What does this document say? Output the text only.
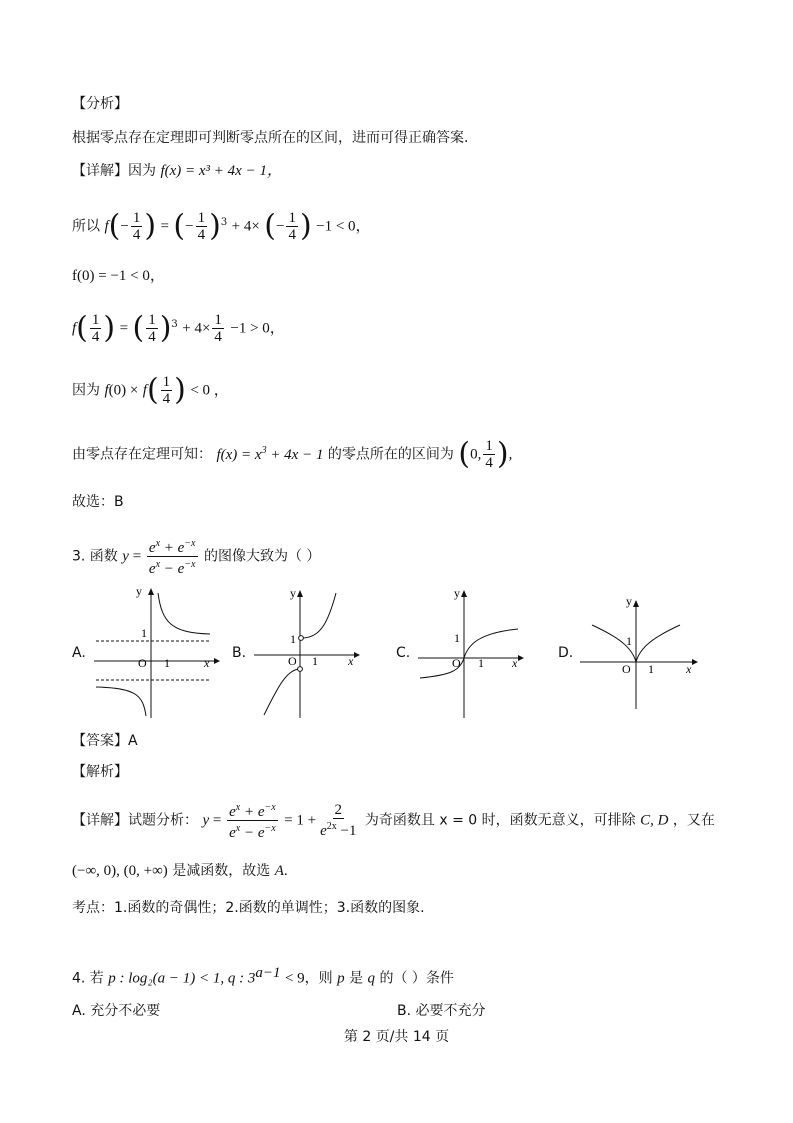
【分析】
根据零点存在定理即可判断零点所在的区间，进而可得正确答案.
【详解】因为 f(x) = x³ + 4x − 1，
所以 $f(- \frac{1}{4}$ ) = (− $\frac{1}{4} )^3 + 4\times$ (− $\frac{1}{4}$ ) −1 < 0，
f(0) = −1 < 0，
$f( \frac{1}{4}$ ) = ( $\frac{1}{4} )^3 + 4\times \frac{1}{4} -1 > 0$，
因为 $f(0) \times f( \frac{1}{4}$ ) < 0 ，
由零点存在定理可知： $f(x) = x^3 + 4x - 1$ 的零点所在的区间为 (0, $\frac{1}{4}$ ),
故选：B
3. 函数 $y = \frac{e^x + e^{-x}}{e^x - e^{-x}}$ 的图像大致为（ ）
A.	B.	C.	D.
y
1
O 1	x
y
1
O 1	x
y
1
O 1 x
y
1
O 1	x
【答案】A
【解析】
【详解】试题分析： $y = \frac{e^x + e^{-x}}{e^x - e^{-x}} = 1 + \frac{2}{e^{2x} -1}$ 为奇函数且 x = 0 时，函数无意义，可排除 C, D ，又在
(−∞, 0), (0, +∞) 是减函数，故选 A.
考点：1.函数的奇偶性；2.函数的单调性；3.函数的图象.
4. 若 p : log₂(a − 1) < 1, q : $3^{a-1} < 9$，则 p 是 q 的（ ）条件
A. 充分不必要	B. 必要不充分
第 2 页/共 14 页
